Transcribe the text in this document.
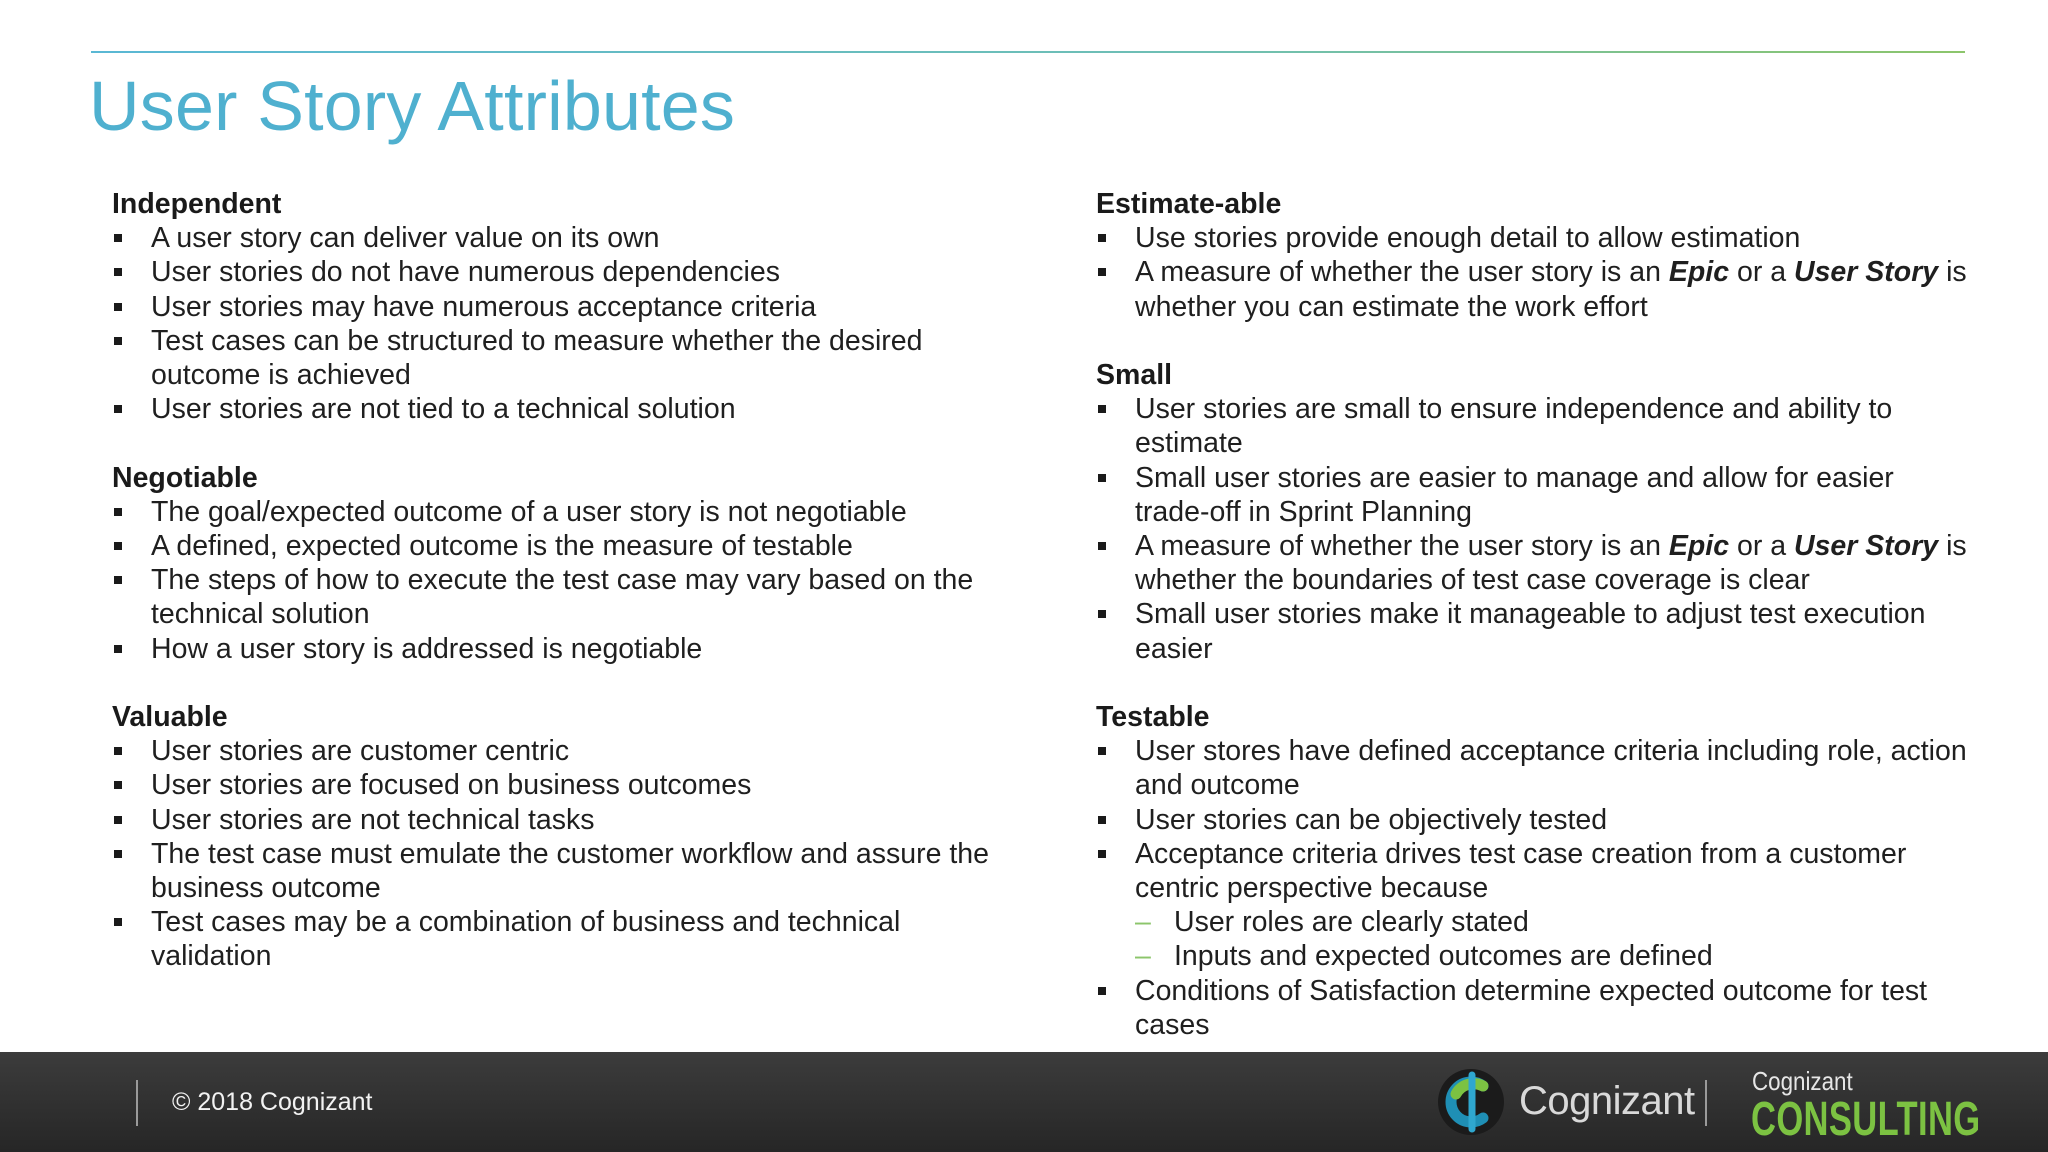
User Story Attributes

Independent

A user story can deliver value on its own
User stories do not have numerous dependencies
User stories may have numerous acceptance criteria
Test cases can be structured to measure whether the desired outcome is achieved
User stories are not tied to a technical solution

Negotiable

The goal/expected outcome of a user story is not negotiable
A defined, expected outcome is the measure of testable
The steps of how to execute the test case may vary based on the technical solution
How a user story is addressed is negotiable

Valuable

User stories are customer centric
User stories are focused on business outcomes
User stories are not technical tasks
The test case must emulate the customer workflow and assure the business outcome
Test cases may be a combination of business and technical validation

Estimate-able

Use stories provide enough detail to allow estimation
A measure of whether the user story is an Epic or a User Story is whether you can estimate the work effort

Small

User stories are small to ensure independence and ability to estimate
Small user stories are easier to manage and allow for easier trade-off in Sprint Planning
A measure of whether the user story is an Epic or a User Story is whether the boundaries of test case coverage is clear
Small user stories make it manageable to adjust test execution easier

Testable

User stores have defined acceptance criteria including role, action and outcome
User stories can be objectively tested
Acceptance criteria drives test case creation from a customer centric perspective because
– User roles are clearly stated
– Inputs and expected outcomes are defined
Conditions of Satisfaction determine expected outcome for test cases
© 2018 Cognizant	Cognizant Cognizant
CONSULTING
